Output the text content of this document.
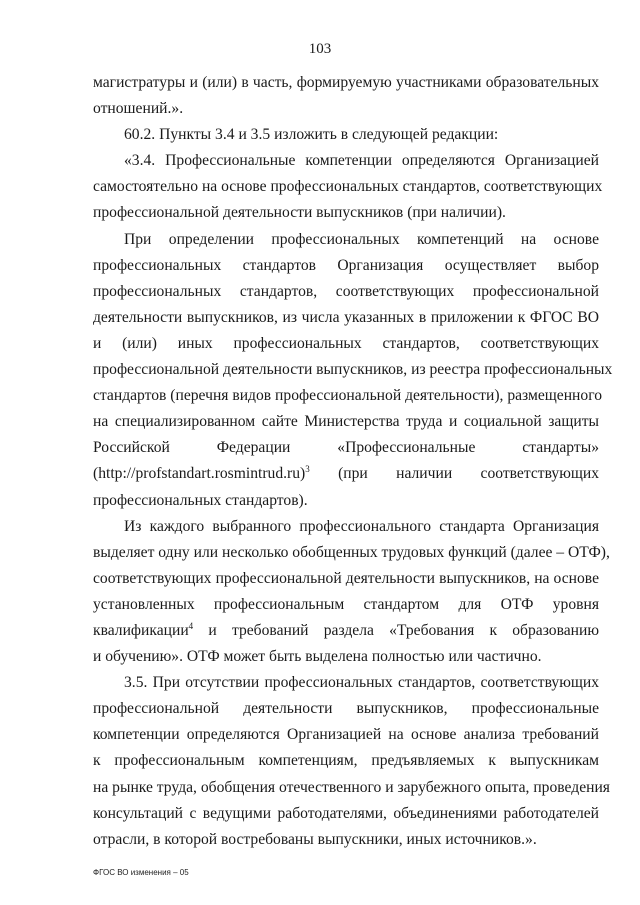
103
магистратуры и (или) в часть, формируемую участниками образовательных
отношений.».
60.2. Пункты 3.4 и 3.5 изложить в следующей редакции:
«3.4. Профессиональные компетенции определяются Организацией
самостоятельно на основе профессиональных стандартов, соответствующих
профессиональной деятельности выпускников (при наличии).
При определении профессиональных компетенций на основе
профессиональных стандартов Организация осуществляет выбор
профессиональных стандартов, соответствующих профессиональной
деятельности выпускников, из числа указанных в приложении к ФГОС ВО
и (или) иных профессиональных стандартов, соответствующих
профессиональной деятельности выпускников, из реестра профессиональных
стандартов (перечня видов профессиональной деятельности), размещенного
на специализированном сайте Министерства труда и социальной защиты
Российской Федерации «Профессиональные стандарты»
(http://profstandart.rosmintrud.ru)$^3$ (при наличии соответствующих
профессиональных стандартов).
Из каждого выбранного профессионального стандарта Организация
выделяет одну или несколько обобщенных трудовых функций (далее – ОТФ),
соответствующих профессиональной деятельности выпускников, на основе
установленных профессиональным стандартом для ОТФ уровня
квалификации$^4$ и требований раздела «Требования к образованию
и обучению». ОТФ может быть выделена полностью или частично.
3.5. При отсутствии профессиональных стандартов, соответствующих
профессиональной деятельности выпускников, профессиональные
компетенции определяются Организацией на основе анализа требований
к профессиональным компетенциям, предъявляемых к выпускникам
на рынке труда, обобщения отечественного и зарубежного опыта, проведения
консультаций с ведущими работодателями, объединениями работодателей
отрасли, в которой востребованы выпускники, иных источников.».
ФГОС ВО изменения – 05
